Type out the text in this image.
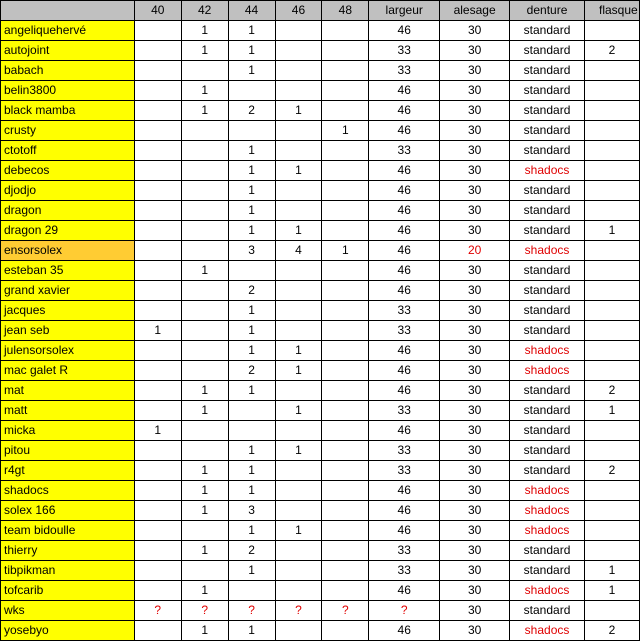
	40	42	44	46	48	largeur	alesage	denture	flasque
angeliquehervé		1	1			46	30	standard	
autojoint		1	1			33	30	standard	2
babach			1			33	30	standard	
belin3800		1				46	30	standard	
black mamba		1	2	1		46	30	standard	
crusty					1	46	30	standard	
ctotoff			1			33	30	standard	
debecos			1	1		46	30	shadocs	
djodjo			1			46	30	standard	
dragon			1			46	30	standard	
dragon 29			1	1		46	30	standard	1
ensorsolex			3	4	1	46	20	shadocs	
esteban 35		1				46	30	standard	
grand xavier			2			46	30	standard	
jacques			1			33	30	standard	
jean seb	1		1			33	30	standard	
julensorsolex			1	1		46	30	shadocs	
mac galet R			2	1		46	30	shadocs	
mat		1	1			46	30	standard	2
matt		1		1		33	30	standard	1
micka	1					46	30	standard	
pitou			1	1		33	30	standard	
r4gt		1	1			33	30	standard	2
shadocs		1	1			46	30	shadocs	
solex 166		1	3			46	30	shadocs	
team bidoulle			1	1		46	30	shadocs	
thierry		1	2			33	30	standard	
tibpikman			1			33	30	standard	1
tofcarib		1				46	30	shadocs	1
wks	?	?	?	?	?	?	30	standard	
yosebyo		1	1			46	30	shadocs	2
